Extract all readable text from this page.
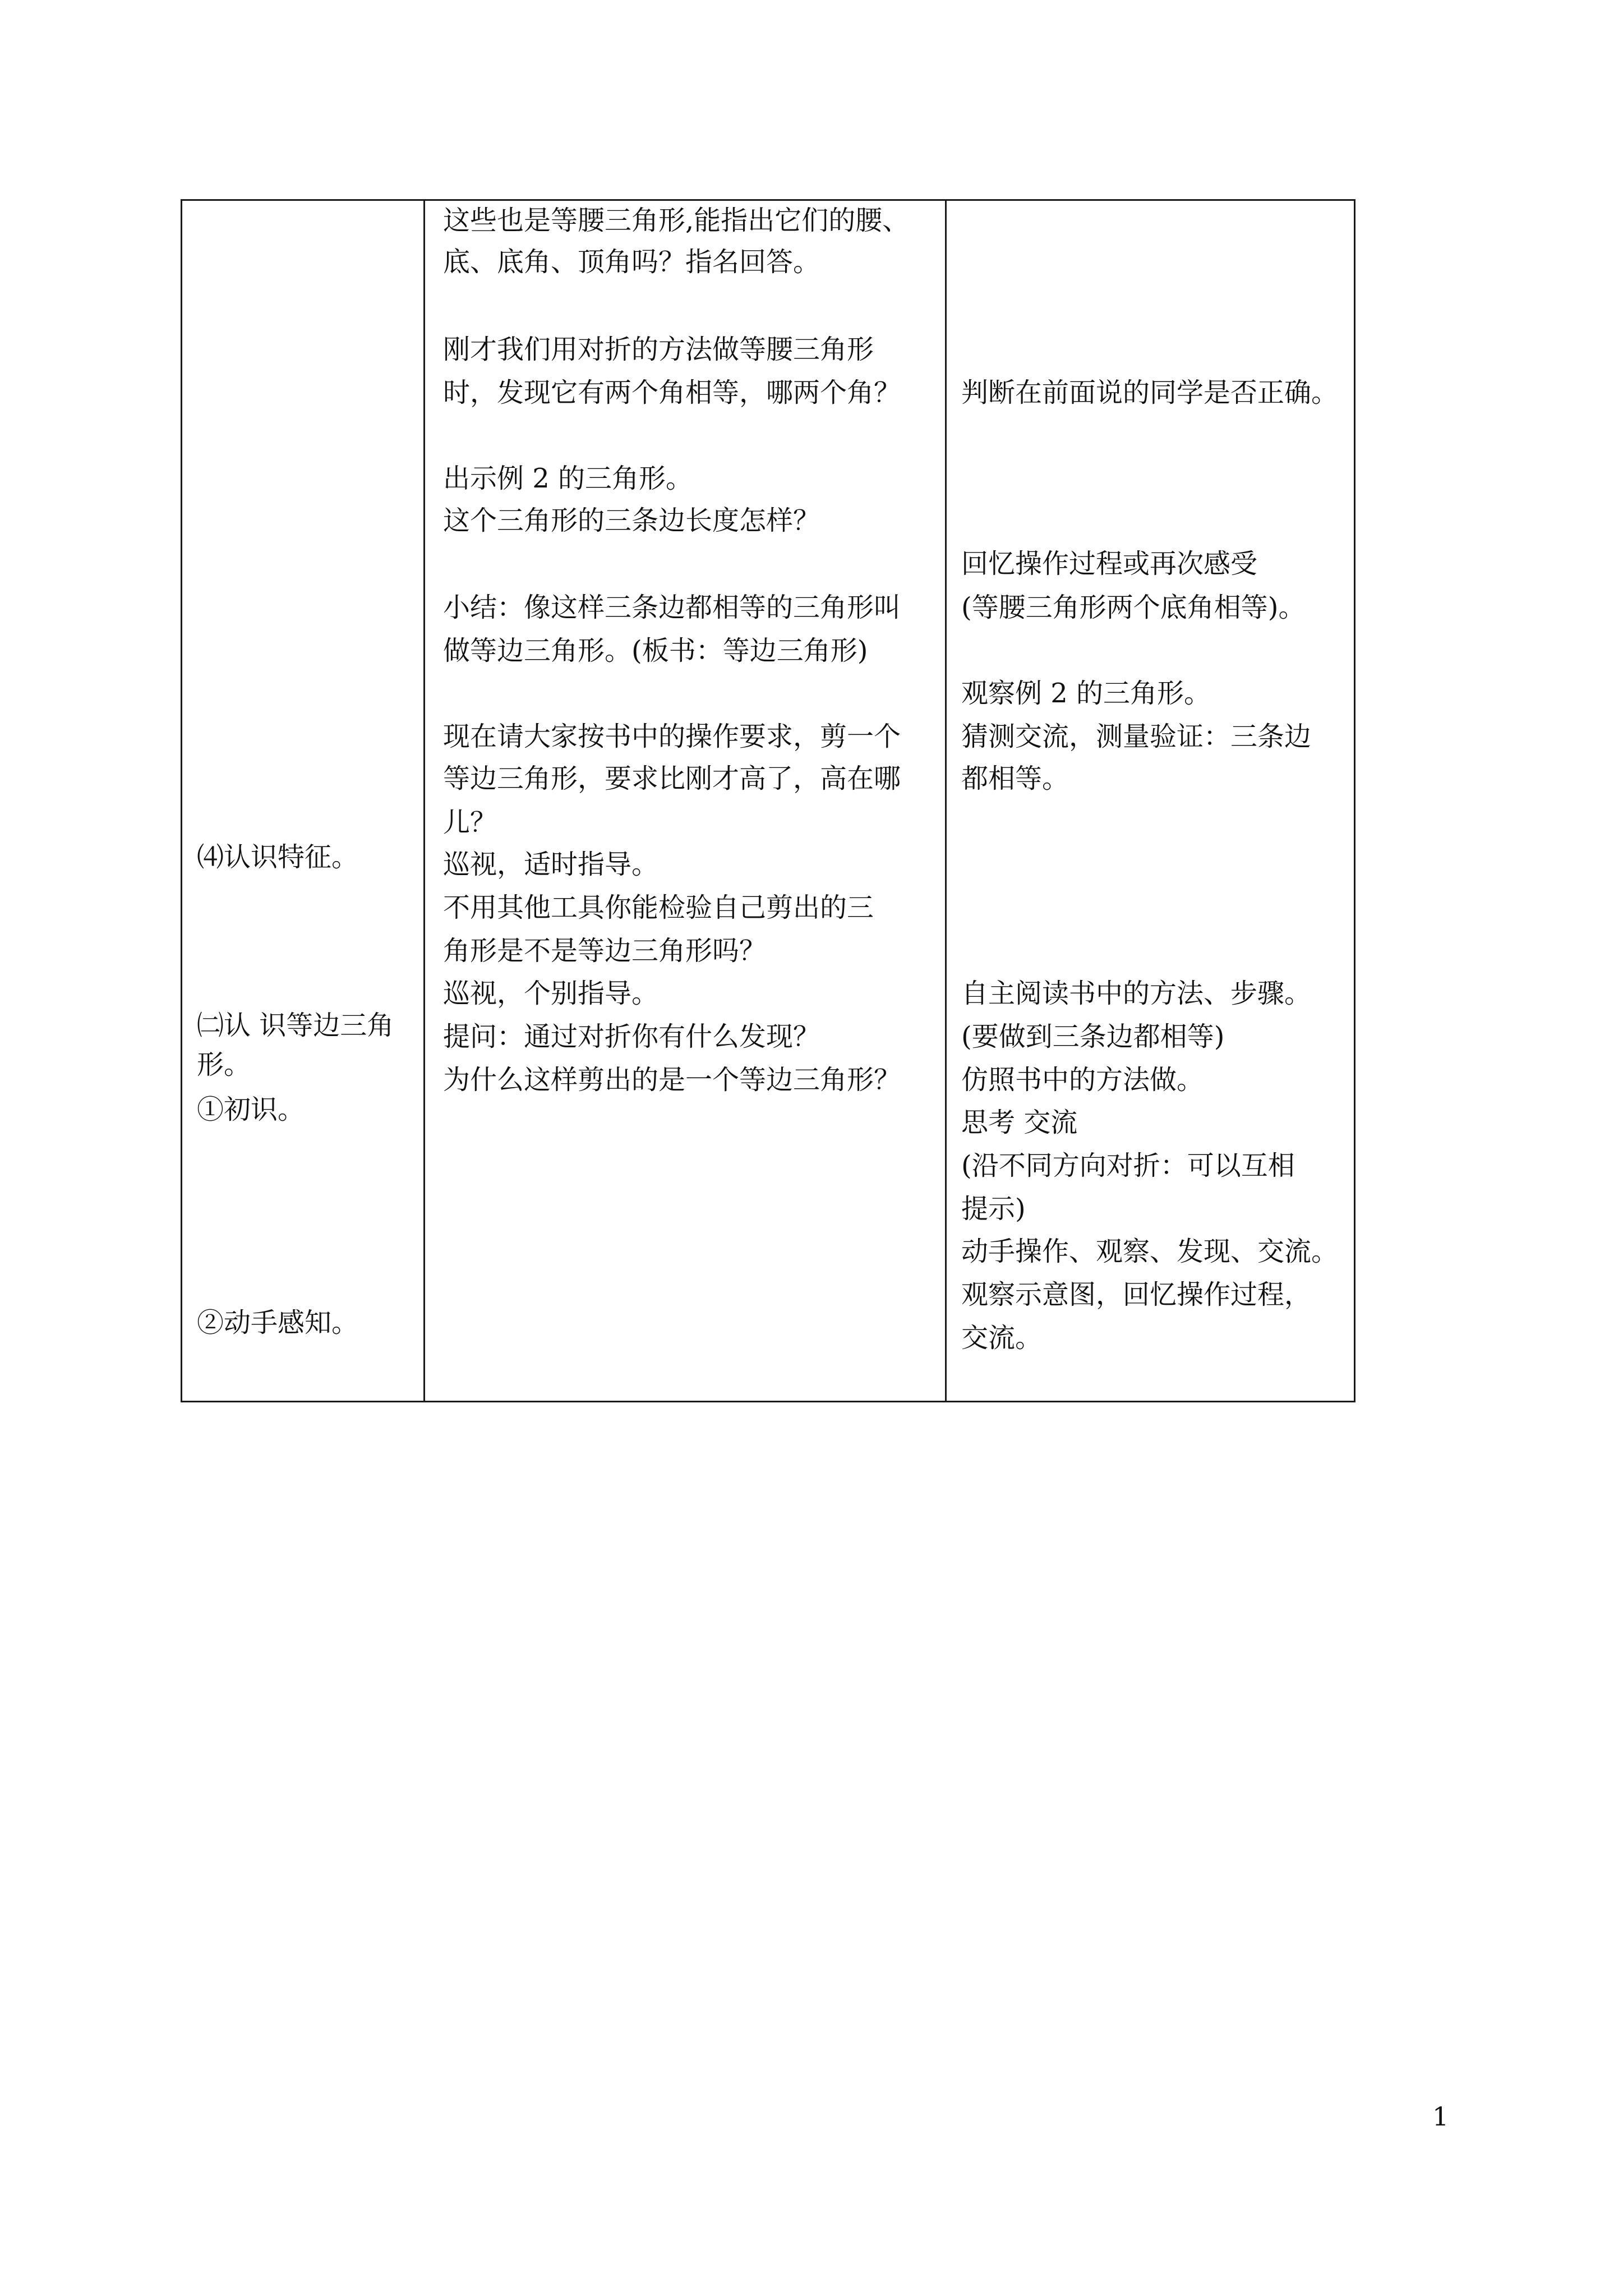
⑷认识特征。
㈡认 识等边三角
形。
①初识。
②动手感知。
这些也是等腰三角形,能指出它们的腰、
底、底角、顶角吗？指名回答。
刚才我们用对折的方法做等腰三角形
时，发现它有两个角相等，哪两个角？
出示例 2 的三角形。
这个三角形的三条边长度怎样？
小结：像这样三条边都相等的三角形叫
做等边三角形。(板书：等边三角形)
现在请大家按书中的操作要求，剪一个
等边三角形，要求比刚才高了，高在哪
儿？
巡视，适时指导。
不用其他工具你能检验自己剪出的三
角形是不是等边三角形吗？
巡视，个别指导。
提问：通过对折你有什么发现？
为什么这样剪出的是一个等边三角形？
判断在前面说的同学是否正确。
回忆操作过程或再次感受
(等腰三角形两个底角相等)。
观察例 2 的三角形。
猜测交流，测量验证：三条边
都相等。
自主阅读书中的方法、步骤。
(要做到三条边都相等)
仿照书中的方法做。
思考 交流
(沿不同方向对折：可以互相
提示)
动手操作、观察、发现、交流。
观察示意图，回忆操作过程，
交流。
1
